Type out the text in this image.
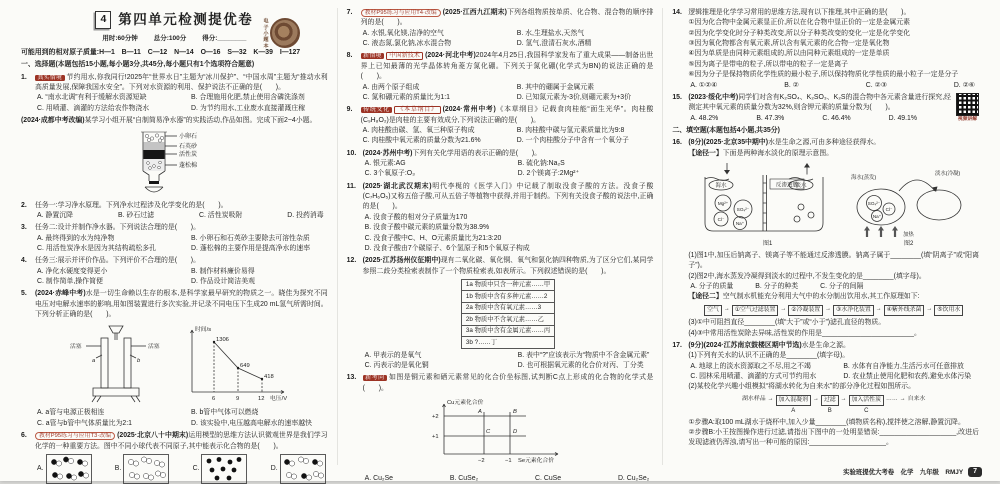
4 第四单元检测提优卷
用时:60分钟 总分:100分 得分:________	电子小题本
可能用到的相对原子质量:H—1　B—11　C—12　N—14　O—16　S—32　K—39　I—127
一、选择题(本题包括15小题,每小题3分,共45分,每小题只有1个选项符合题意)
1. 真实情境 节约用水,你我同行!2025年“世界水日”主题为“冰川保护”、“中国水周”主题为“推动水利高质量发展,保障我国水安全”。下列对水资源的利用、保护说法不正确的是(　　)。
A. “南水北调”有利于缓解水资源短缺	B. 合理施用化肥,禁止使用含磷洗涤剂
C. 用喷灌、滴灌的方法给农作物浇水	D. 为节约用水,工业废水直接灌溉庄稼
(2024·成都中考改编)某学习小组开展“自制简易净水器”的实践活动,作品如图。完成下面2~4小题。
小卵石
石英砂
活性炭
蓬松棉
2. 任务一:学习净水原理。下列净水过程涉及化学变化的是(　　)。
A. 静置沉降	B. 砂石过滤	C. 活性炭吸附	D. 投药消毒
3. 任务二:设计并制作净水器。下列说法合理的是(　　)。
A. 最终得到的水为纯净物	B. 小卵石和石英砂主要除去可溶性杂质
C. 用活性炭净水是因为其结构疏松多孔	D. 蓬松棉的主要作用是提高净水的速率
4. 任务三:展示并评价作品。下列评价不合理的是(　　)。
A. 净化水硬度变得更小	B. 制作材料廉价易得
C. 制作简单,操作简便	D. 作品设计简洁美观
5. (2024·赤峰中考)水是一切生命赖以生存的根本,是科学家最早研究的物质之一。晓佳为探究不同电压对电解水速率的影响,用如图装置进行多次实验,并记录不同电压下生成20 mL氢气所需时间。下列分析正确的是(　　)。
活塞	活塞
a	b
时间/s
1306
649
418
6	9	12 电压/V
A. a管与电源正极相连	B. b管中气体可以燃烧
C. a管与b管中气体质量比为2:1	D. 该实验中,电压越高电解水的速率越快
6. 教材P95练习与应用T3·改编 (2025·北京八十中期末)运用模型的思维方法认识微观世界是我们学习化学的一种重要方法。图中不同小球代表不同原子,其中能表示化合物的是(　　)。
A.	B.	C.	D.
7. 教材P95练习与应用T4·改编 (2025·江西九江期末)下列各组物质按单质、化合物、混合物的顺序排列的是(　　)。
A. 水银,氧化镁,洁净的空气	B. 水,生理盐水,天然气
C. 液态氮,氯化钠,冰水混合物	D. 氢气,澄清石灰水,酒精
8. 新情境 中国新技术 (2024·河北中考)2024年4月25日,我国科学家发布了重大成果——制备出世界上已知最薄的光学晶体转角菱方氮化硼。下列关于氮化硼(化学式为BN)的说法正确的是(　　)。
A. 由两个原子组成	B. 其中的硼属于金属元素
C. 氮和硼元素的质量比为1:1	D. 已知氮元素为-3价,则硼元素为+3价
9. 传统文化 《本草纲目》 (2024·常州中考)《本草纲目》记载食肉桂能“面生光华”。肉桂酸(C₉H₈O₂)是肉桂的主要有效成分,下列说法正确的是(　　)。
A. 肉桂酸由碳、氢、氧三种原子构成	B. 肉桂酸中碳与氢元素质量比为9:8
C. 肉桂酸中氧元素的质量分数为21.6%	D. 一个肉桂酸分子中含有一个氧分子
10. (2024·苏州中考)下列有关化学用语的表示正确的是(　　)。
A. 银元素:AG	B. 硫化钠:Na₂S
C. 3个氧原子:O₃	D. 2个镁离子:2Mg²⁺
11. (2025·湖北武汉期末)明代李梴的《医学入门》中记载了制取没食子酸的方法。没食子酸(C₇H₆O₅)又称五倍子酸,可从五倍子等植物中获得,并用于制药。下列有关没食子酸的说法中,正确的是(　　)。
A. 没食子酸的相对分子质量为170
B. 没食子酸中碳元素的质量分数为38.9%
C. 没食子酸中C、H、O元素质量比为21:3:20
D. 没食子酸由7个碳原子、6个氢原子和5个氧原子构成
12. (2025·江苏扬州仪征期中)现有二氧化碳、氧化铜、氧气和氯化钠四种物质,为了区分它们,某同学参照二歧分类检索表制作了一个物质检索表,如表所示。下列叙述错误的是(　　)。
1a 物质中只含一种元素……甲
1b 物质中含有多种元素……2
2a 物质中含有氧元素……3
2b 物质中不含氧元素……乙
3a 物质中含有金属元素……丙
3b ?……丁
A. 甲表示的是氧气	B. 表中“?”应该表示为“物质中不含金属元素”
C. 丙表示的是氧化铜	D. 也可根据氧元素的化合价对丙、丁分类
13. 新考向 如图是铜元素和硒元素常见的化合价坐标图,试判断C点上形成的化合物的化学式是(　　)。
Cu元素化合价
+2
+1
−2	−1 Se元素化合价
A	B
C	D
A. Cu₂Se	B. CuSe₂	C. CuSe	D. Cu₂Se₂
14. 逻辑推理是化学学习常用的思维方法,现有以下推理,其中正确的是(　　)。
①因为化合物中金属元素显正价,所以在化合物中显正价的一定是金属元素
②因为化学变化时分子种类改变,所以分子种类改变的变化一定是化学变化
③因为氧化物都含有氧元素,所以含有氧元素的化合物一定是氧化物
④因为单质是由同种元素组成的,所以由同种元素组成的一定是单质
⑤因为离子是带电的粒子,所以带电的粒子一定是离子
⑥因为分子是保持物质化学性质的最小粒子,所以保持物质化学性质的最小粒子一定是分子
A. ①②④	B. ②	C. ②③	D. ②⑥
15.
视频讲解
(2023·绥化中考)同学们对含有K₂SO₄、K₂SO₃、K₂S的混合物中各元素含量进行探究,经测定其中氧元素的质量分数为32%,则含钾元素的质量分数为(　　)。
A. 48.2%	B. 47.3%	C. 46.4%	D. 49.1%
二、填空题(本题包括4小题,共35分)
16. (8分)(2025·北京35中期中)水是生命之源,可由多种途径获得水。
【途径一】下面是两种海水淡化的原理示意图。
海水	淡水
反渗透膜
Mg²⁺
SO₄²⁻
Cl⁻
Na⁺
图1
海水(蒸发)
淡水(冷凝)
SO₄²⁻
Cl⁻
Na⁺
加热
图2
(1)图1中,加压后钠离子、镁离子等不能通过反渗透膜。钠离子属于________(填“阴离子”或“阳离子”)。
(2)图2中,海水蒸发冷凝得到淡水的过程中,不发生变化的是________(填字母)。
A. 分子的质量	B. 分子的种类	C. 分子的间隔
【途径二】空气制水机能充分利用大气中的水分制出饮用水,其工作原理如下:
空气 → ①空气过滤装置 → ②冷凝装置 → ③水净化装置 → ④紫外线杀菌 → ⑤饮用水
(3)①中可阻挡直径________(填“大于”或“小于”)滤孔直径的物质。
(4)③中常用活性炭除去异味,活性炭的作用是________________________。
17. (9分)(2024·江苏南京鼓楼区期中节选)水是生命之源。
(1)下列有关水的认识不正确的是________(填字母)。
A. 地球上的淡水资源取之不尽,用之不竭	B. 水体有自净能力,生活污水可任意排放
C. 园林采用喷灌、滴灌的方式可节约用水	D. 农业禁止使用化肥和农药,避免水体污染
(2)某校化学兴趣小组模拟“将湖水转化为自来水”的部分净化过程如图所示。
湖水样品 → 加入混凝剂
A
→ 过滤
B
→ 加入活性炭
C
…… → 自来水
①步骤A:取100 mL湖水于烧杯中,加入少量________(填物质名称),搅拌使之溶解,静置沉降。
②步骤B:小王按图操作进行过滤,请指出下图中的一处明显错误:____________________,改进后发现滤液仍浑浊,请写出一种可能的原因:____________________。
实验班提优大考卷　化学　九年级　RMJY	7
